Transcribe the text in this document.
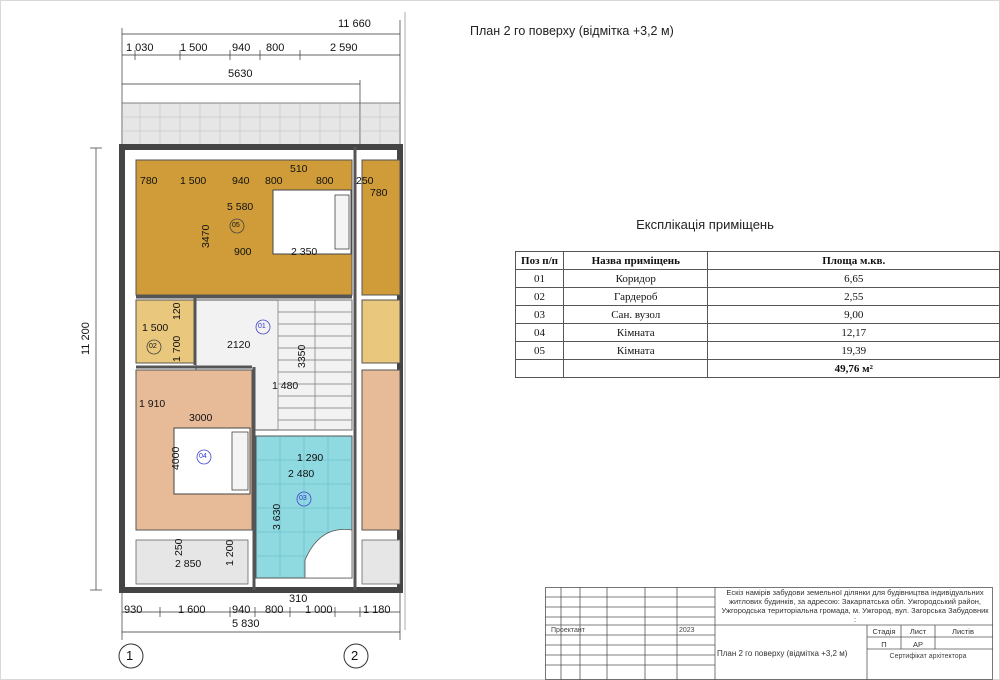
11 660
1 030 1 500 940 800	2 590
5630
11 200
930	1 600 940 800 1 000	1 180
310
5 830
1	2
780 1 500 940 800
510
800 250
780
5 580
3470
900	2 350
1 500
120
1 700	2120	3350
1 480
1 910
3000
4000	1 290
2 480
3 630
2 850
250	1 200
05
02
01
04
03
План 2 го поверху (відмітка +3,2 м)
Експлікація приміщень
Поз п/п	Назва приміщень	Площа м.кв.
01	Коридор	6,65
02	Гардероб	2,55
03	Сан. вузол	9,00
04	Кімната	12,17
05	Кімната	19,39
		49,76 м²
Ескіз намірів забудови земельної ділянки для будівництва індивідуальних житлових будинків, за адресою: Закарпатська обл. Ужгородський район, Ужгородська територіальна громада, м. Ужгород, вул. Загорська Забудовник :
Проектант	2023
План 2 го поверху (відмітка +3,2 м)
Стадія	Лист	Листів
П	АР
Сертифікат архітектора
